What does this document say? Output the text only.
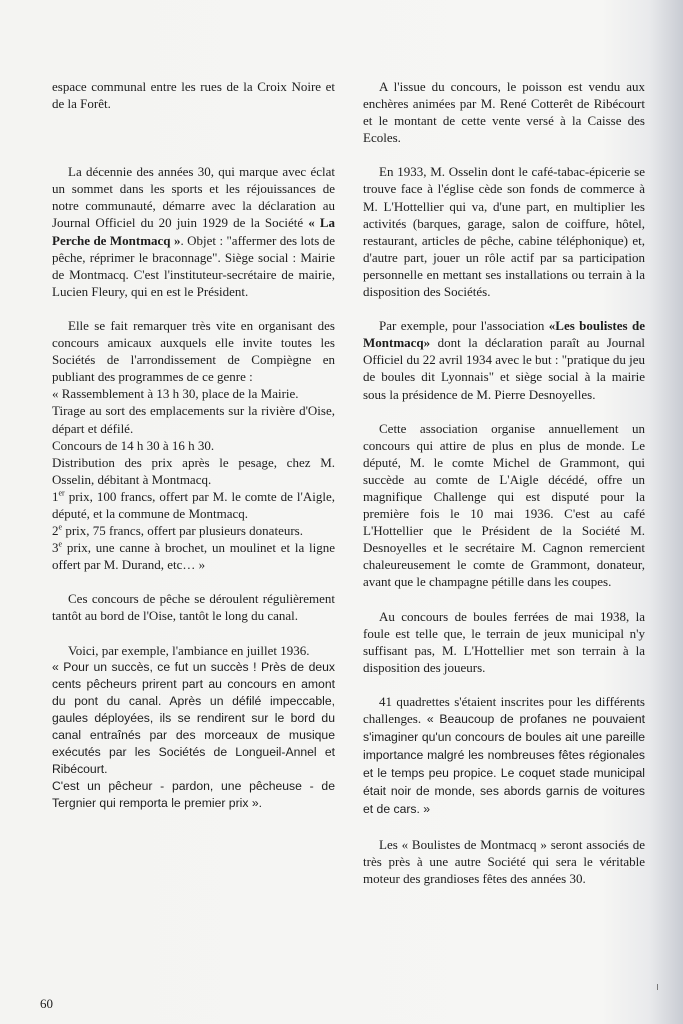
espace communal entre les rues de la Croix Noire et de la Forêt.

La décennie des années 30, qui marque avec éclat un sommet dans les sports et les réjouissances de notre communauté, démarre avec la déclaration au Journal Officiel du 20 juin 1929 de la Société « La Perche de Montmacq ». Objet : "affermer des lots de pêche, réprimer le braconnage". Siège social : Mairie de Montmacq. C'est l'instituteur-secrétaire de mairie, Lucien Fleury, qui en est le Président.

Elle se fait remarquer très vite en organisant des concours amicaux auxquels elle invite toutes les Sociétés de l'arrondissement de Compiègne en publiant des programmes de ce genre :

« Rassemblement à 13 h 30, place de la Mairie.

Tirage au sort des emplacements sur la rivière d'Oise, départ et défilé.

Concours de 14 h 30 à 16 h 30.

Distribution des prix après le pesage, chez M. Osselin, débitant à Montmacq.

1er prix, 100 francs, offert par M. le comte de l'Aigle, député, et la commune de Montmacq.

2e prix, 75 francs, offert par plusieurs donateurs.

3e prix, une canne à brochet, un moulinet et la ligne offert par M. Durand, etc… »

Ces concours de pêche se déroulent régulièrement tantôt au bord de l'Oise, tantôt le long du canal.

Voici, par exemple, l'ambiance en juillet 1936.

« Pour un succès, ce fut un succès ! Près de deux cents pêcheurs prirent part au concours en amont du pont du canal. Après un défilé impeccable, gaules déployées, ils se rendirent sur le bord du canal entraînés par des morceaux de musique exécutés par les Sociétés de Longueil-Annel et Ribécourt.

C'est un pêcheur - pardon, une pêcheuse - de Tergnier qui remporta le premier prix ».

A l'issue du concours, le poisson est vendu aux enchères animées par M. René Cotterêt de Ribécourt et le montant de cette vente versé à la Caisse des Ecoles.

En 1933, M. Osselin dont le café-tabac-épicerie se trouve face à l'église cède son fonds de commerce à M. L'Hottellier qui va, d'une part, en multiplier les activités (barques, garage, salon de coiffure, hôtel, restaurant, articles de pêche, cabine téléphonique) et, d'autre part, jouer un rôle actif par sa participation personnelle en mettant ses installations ou terrain à la disposition des Sociétés.

Par exemple, pour l'association «Les boulistes de Montmacq» dont la déclaration paraît au Journal Officiel du 22 avril 1934 avec le but : "pratique du jeu de boules dit Lyonnais" et siège social à la mairie sous la présidence de M. Pierre Desnoyelles.

Cette association organise annuellement un concours qui attire de plus en plus de monde. Le député, M. le comte Michel de Grammont, qui succède au comte de L'Aigle décédé, offre un magnifique Challenge qui est disputé pour la première fois le 10 mai 1936. C'est au café L'Hottellier que le Président de la Société M. Desnoyelles et le secrétaire M. Cagnon remercient chaleureusement le comte de Grammont, donateur, avant que le champagne pétille dans les coupes.

Au concours de boules ferrées de mai 1938, la foule est telle que, le terrain de jeux municipal n'y suffisant pas, M. L'Hottellier met son terrain à la disposition des joueurs.

41 quadrettes s'étaient inscrites pour les différents challenges. « Beaucoup de profanes ne pouvaient s'imaginer qu'un concours de boules ait une pareille importance malgré les nombreuses fêtes régionales et le temps peu propice. Le coquet stade municipal était noir de monde, ses abords garnis de voitures et de cars. »

Les « Boulistes de Montmacq » seront associés de très près à une autre Société qui sera le véritable moteur des grandioses fêtes des années 30.

60
